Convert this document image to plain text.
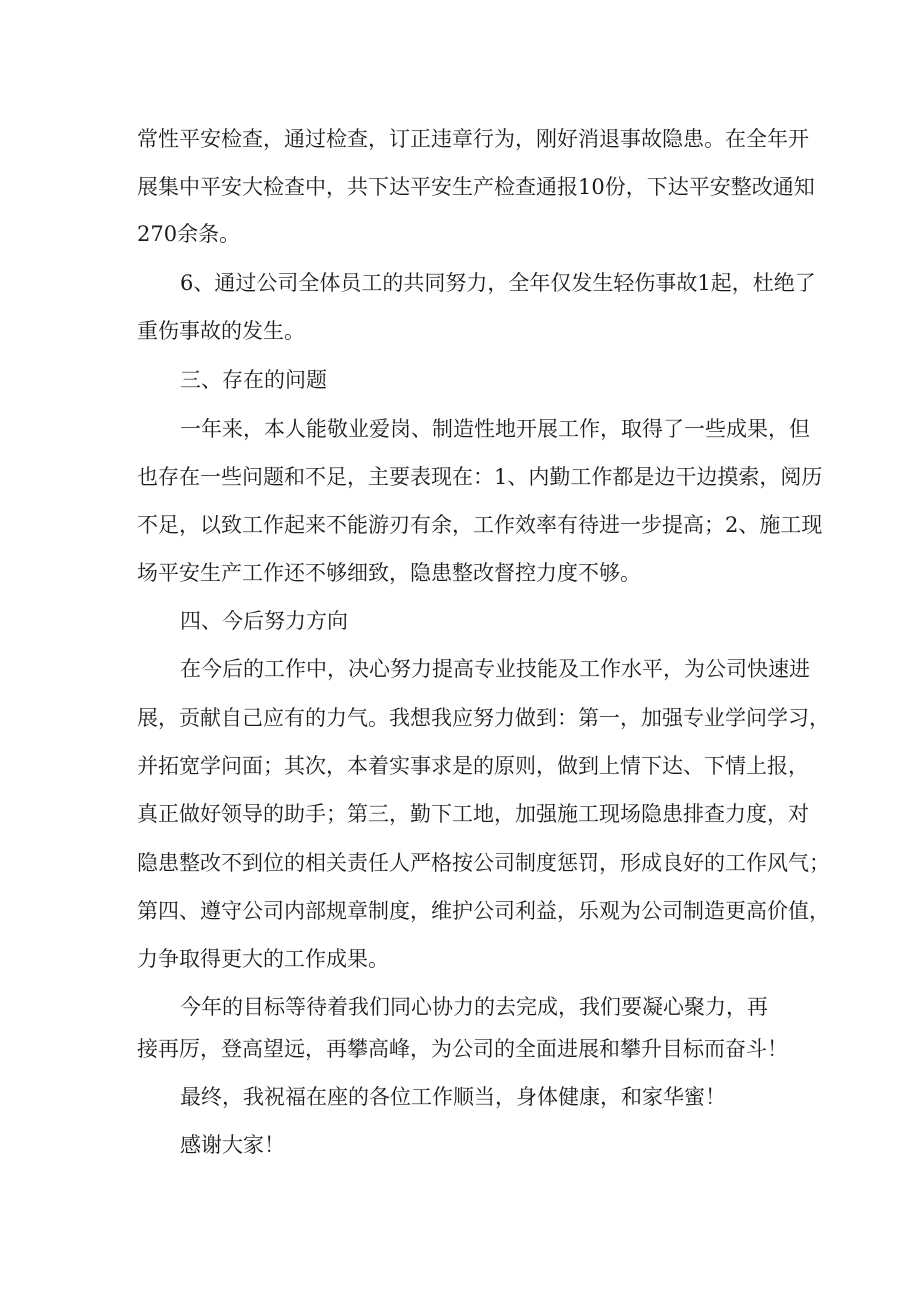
常性平安检查，通过检查，订正违章行为，刚好消退事故隐患。在全年开

展集中平安大检查中，共下达平安生产检查通报10份，下达平安整改通知

270余条。

6、通过公司全体员工的共同努力，全年仅发生轻伤事故1起，杜绝了

重伤事故的发生。

三、存在的问题

一年来，本人能敬业爱岗、制造性地开展工作，取得了一些成果，但

也存在一些问题和不足，主要表现在：1、内勤工作都是边干边摸索，阅历

不足，以致工作起来不能游刃有余，工作效率有待进一步提高；2、施工现

场平安生产工作还不够细致，隐患整改督控力度不够。

四、今后努力方向

在今后的工作中，决心努力提高专业技能及工作水平，为公司快速进

展，贡献自己应有的力气。我想我应努力做到：第一，加强专业学问学习，

并拓宽学问面；其次，本着实事求是的原则，做到上情下达、下情上报，

真正做好领导的助手；第三，勤下工地，加强施工现场隐患排查力度，对

隐患整改不到位的相关责任人严格按公司制度惩罚，形成良好的工作风气；

第四、遵守公司内部规章制度，维护公司利益，乐观为公司制造更高价值，

力争取得更大的工作成果。

今年的目标等待着我们同心协力的去完成，我们要凝心聚力，再

接再厉，登高望远，再攀高峰，为公司的全面进展和攀升目标而奋斗！

最终，我祝福在座的各位工作顺当，身体健康，和家华蜜！

感谢大家！
